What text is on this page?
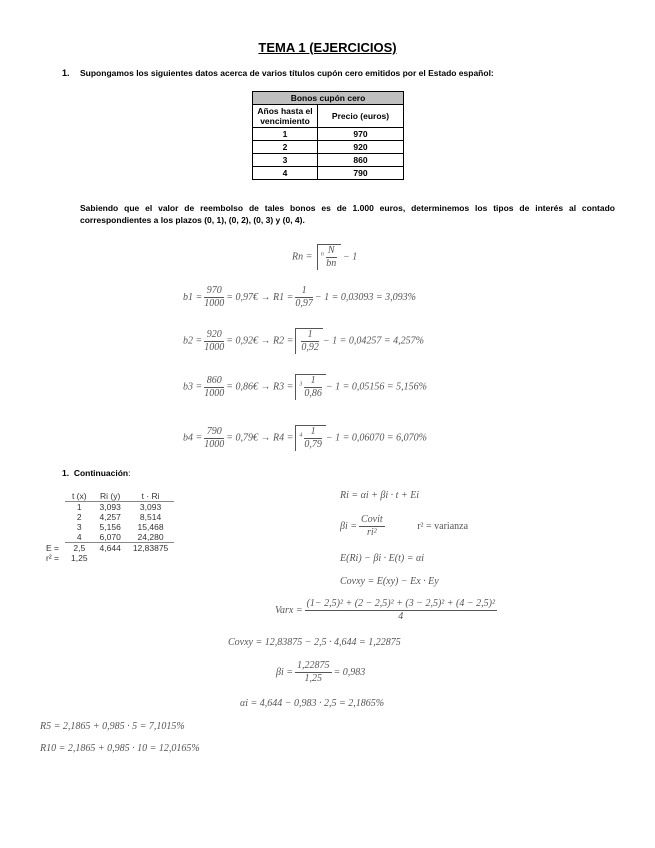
TEMA 1 (EJERCICIOS)
1. Supongamos los siguientes datos acerca de varios títulos cupón cero emitidos por el Estado español:
Bonos cupón cero	
Años hasta el vencimiento	Precio (euros)
1	970
2	920
3	860
4	790
Sabiendo que el valor de reembolso de tales bonos es de 1.000 euros, determinemos los tipos de interés al contado correspondientes a los plazos (0, 1), (0, 2), (0, 3) y (0, 4).
$Rn = ^n \frac{N}{bn} - 1$
$b1 = \frac{970}{1000}$ = 0,97€ → $R1 = \frac{1}{0,97} - 1 = 0,03093 = 3,093\%$
$b2 = \frac{920}{1000}$ = 0,92€ → $R2 = \frac{1}{0,92} - 1 = 0,04257 = 4,257\%$
$b3 = \frac{860}{1000}$ = 0,86€ → $R3 = ^3 \frac{1}{0,86} - 1 = 0,05156 = 5,156\%$
$b4 = \frac{790}{1000}$ = 0,79€ → $R4 = ^4 \frac{1}{0,79} - 1 = 0,06070 = 6,070\%$
1. Continuación:
	t (x)	Ri (y)	t · Ri
	1	3,093	3,093
	2	4,257	8,514
	3	5,156	15,468
	4	6,070	24,280
E =	2,5	4,644	12,83875
r² =	1,25		
Ri = αi + βi · t + Ei
$\beta i = \frac{\text{Covit}}{\text{ri²}}$	r² = varianza
E(Ri) − βi · E(t) = αi
Covxy = E(xy) − Ex · Ey
Varx = $\frac{\text{(1− 2,5)² + (2 − 2,5)² + (3 − 2,5)² + (4 − 2,5)²}}{4}$
Covxy = 12,83875 − 2,5 · 4,644 = 1,22875
$\beta i = \frac{1,22875}{1,25} = 0,983$
αi = 4,644 − 0,983 · 2,5 = 2,1865%
R5 = 2,1865 + 0,985 · 5 = 7,1015%
R10 = 2,1865 + 0,985 · 10 = 12,0165%
